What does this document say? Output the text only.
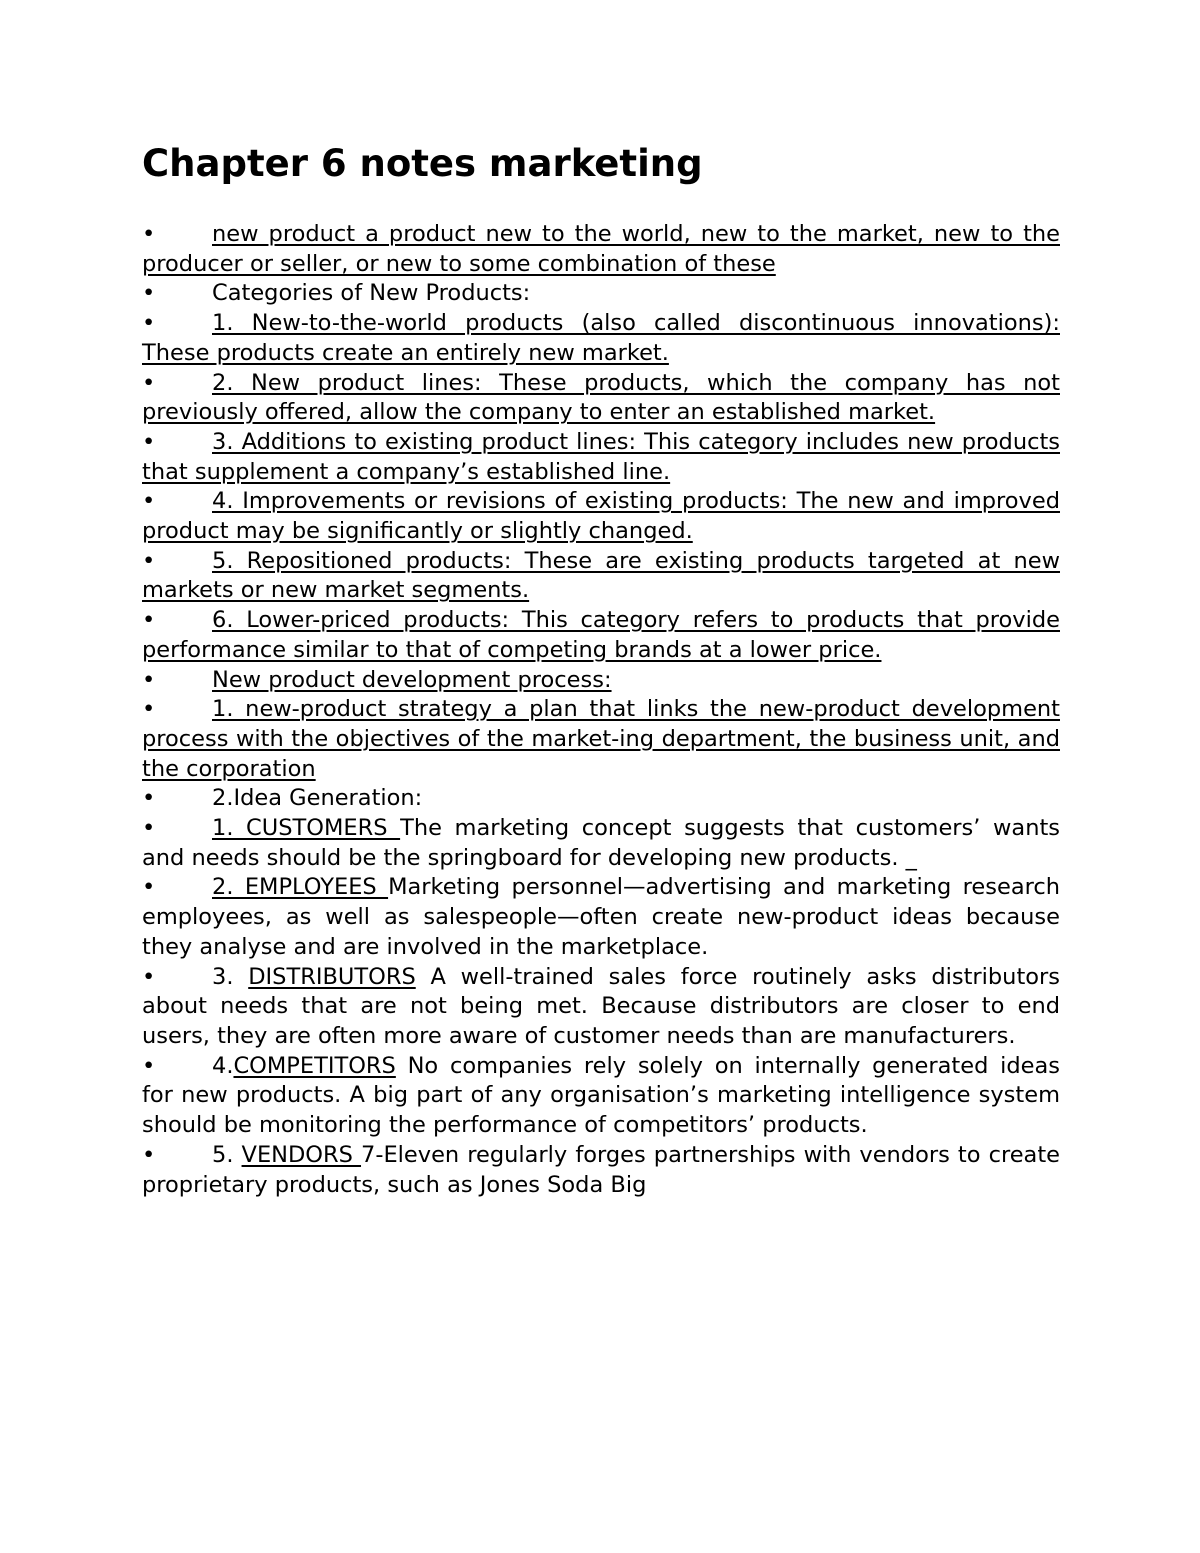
Chapter 6 notes marketing

•	new product a product new to the world, new to the market, new to the producer or seller, or new to some combination of these

•	Categories of New Products:

•	1. New-to-the-world products (also called discontinuous innovations): These products create an entirely new market.

•	2. New product lines: These products, which the company has not previously offered, allow the company to enter an established market.

•	3. Additions to existing product lines: This category includes new products that supplement a company’s established line.

•	4. Improvements or revisions of existing products: The new and improved product may be significantly or slightly changed.

•	5. Repositioned products: These are existing products targeted at new markets or new market segments.

•	6. Lower-priced products: This category refers to products that provide performance similar to that of competing brands at a lower price.

•	New product development process:

•	1. new-product strategy a plan that links the new-product development process with the objectives of the market-ing department, the business unit, and the corporation

•	2.Idea Generation:

•	1. CUSTOMERS The marketing concept suggests that customers’ wants and needs should be the springboard for developing new products. _

•	2. EMPLOYEES Marketing personnel—advertising and marketing research employees, as well as salespeople—often create new-product ideas because they analyse and are involved in the marketplace.

•	3. DISTRIBUTORS A well-trained sales force routinely asks distributors about needs that are not being met. Because distributors are closer to end users, they are often more aware of customer needs than are manufacturers.

•	4.COMPETITORS No companies rely solely on internally generated ideas for new products. A big part of any organisation’s marketing intelligence system should be monitoring the performance of competitors’ products.

•	5. VENDORS 7-Eleven regularly forges partnerships with vendors to create proprietary products, such as Jones Soda Big
